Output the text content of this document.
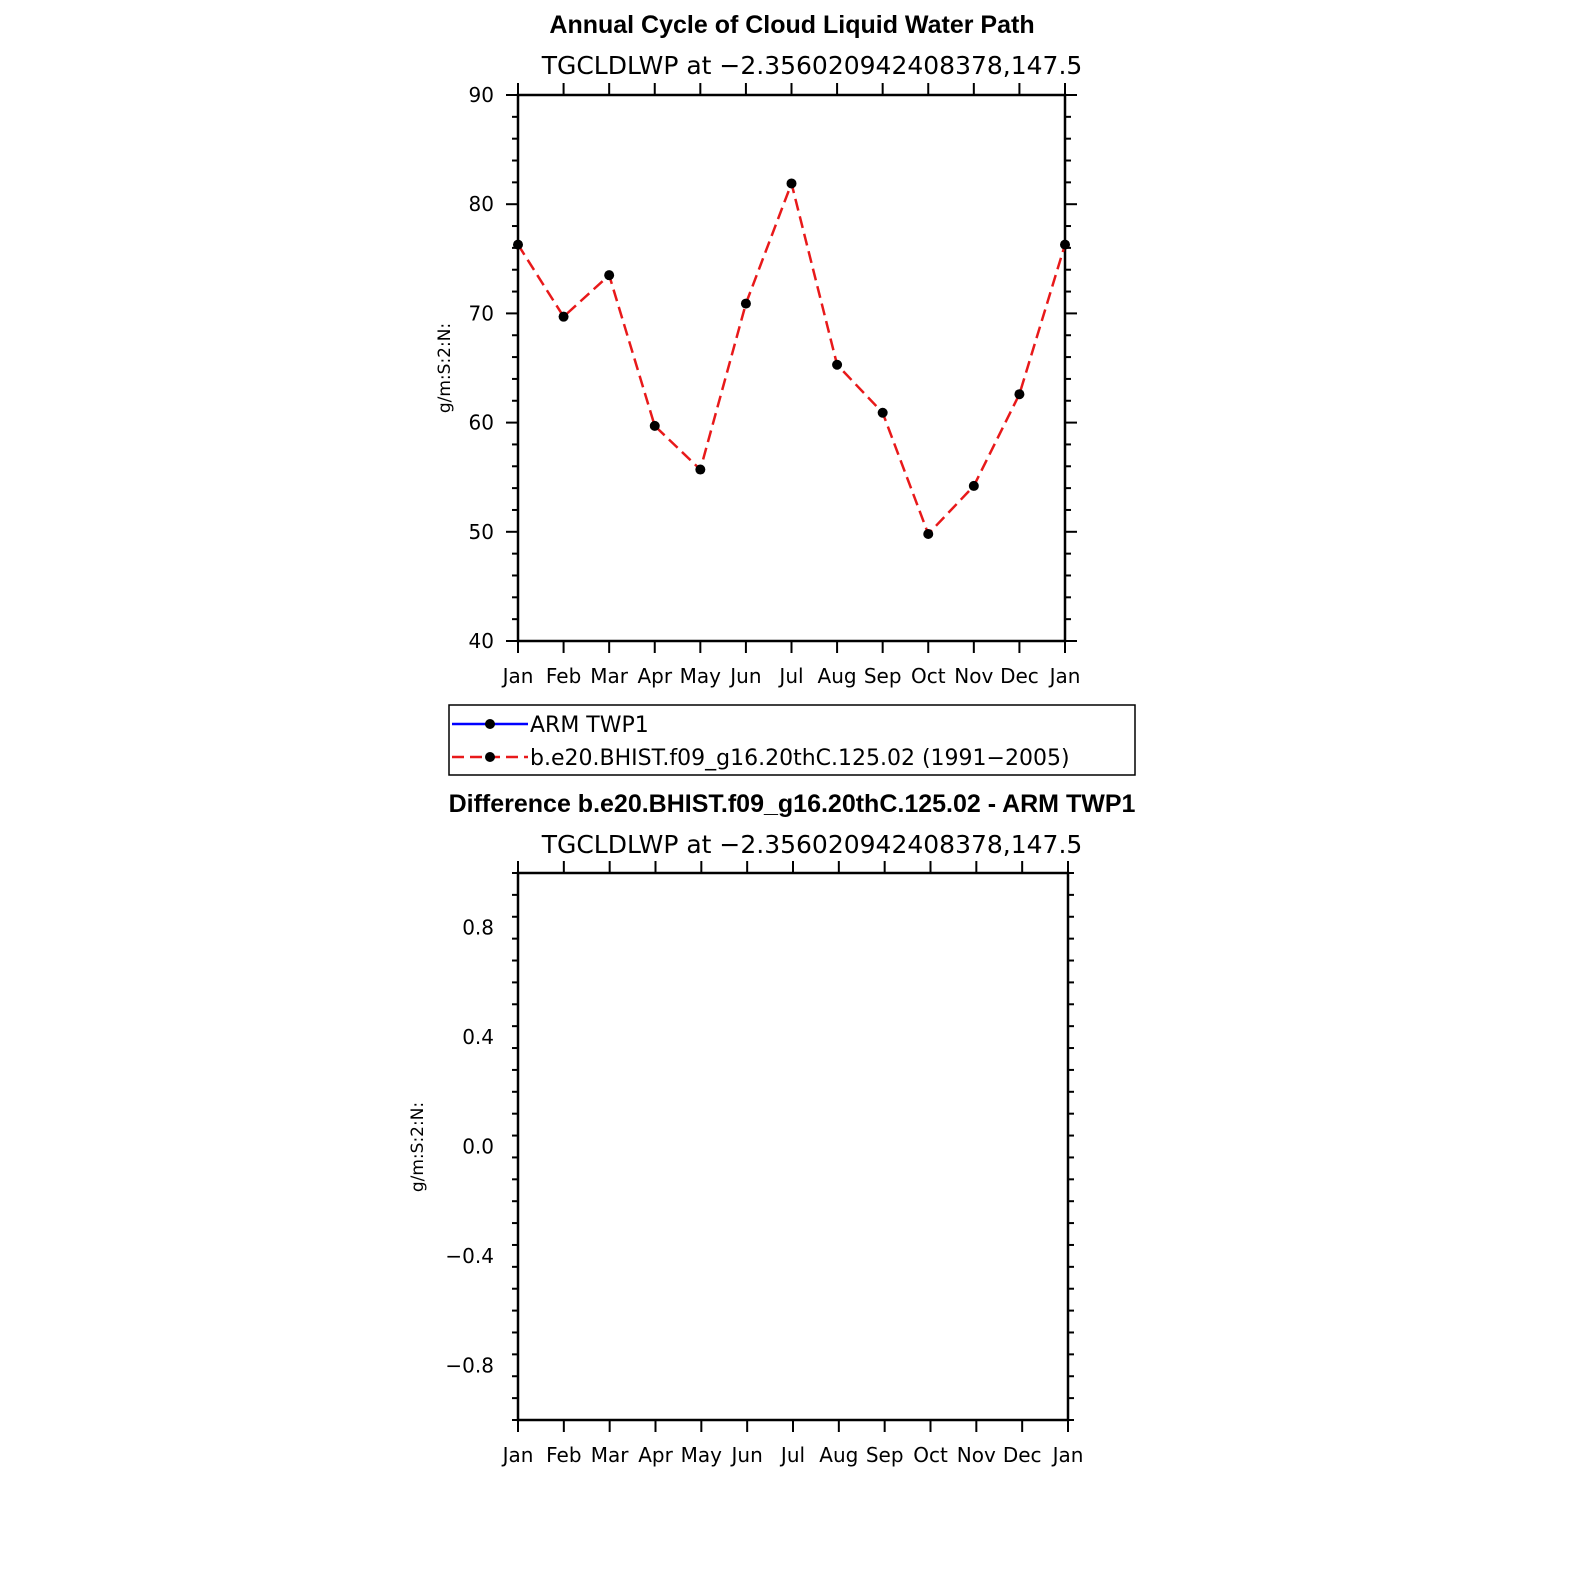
Annual Cycle of Cloud Liquid Water Path
TGCLDLWP at −2.356020942408378,147.5
g/m:S:2:N:
Jan Feb Mar Apr May Jun Jul Aug Sep Oct Nov Dec Jan
40
50
60
70
80
90
ARM TWP1
b.e20.BHIST.f09_g16.20thC.125.02 (1991−2005)
Difference b.e20.BHIST.f09_g16.20thC.125.02 - ARM TWP1
TGCLDLWP at −2.356020942408378,147.5
g/m:S:2:N:
Jan Feb Mar Apr May Jun Jul Aug Sep Oct Nov Dec Jan
−0.8
−0.4
0.0
0.4
0.8
